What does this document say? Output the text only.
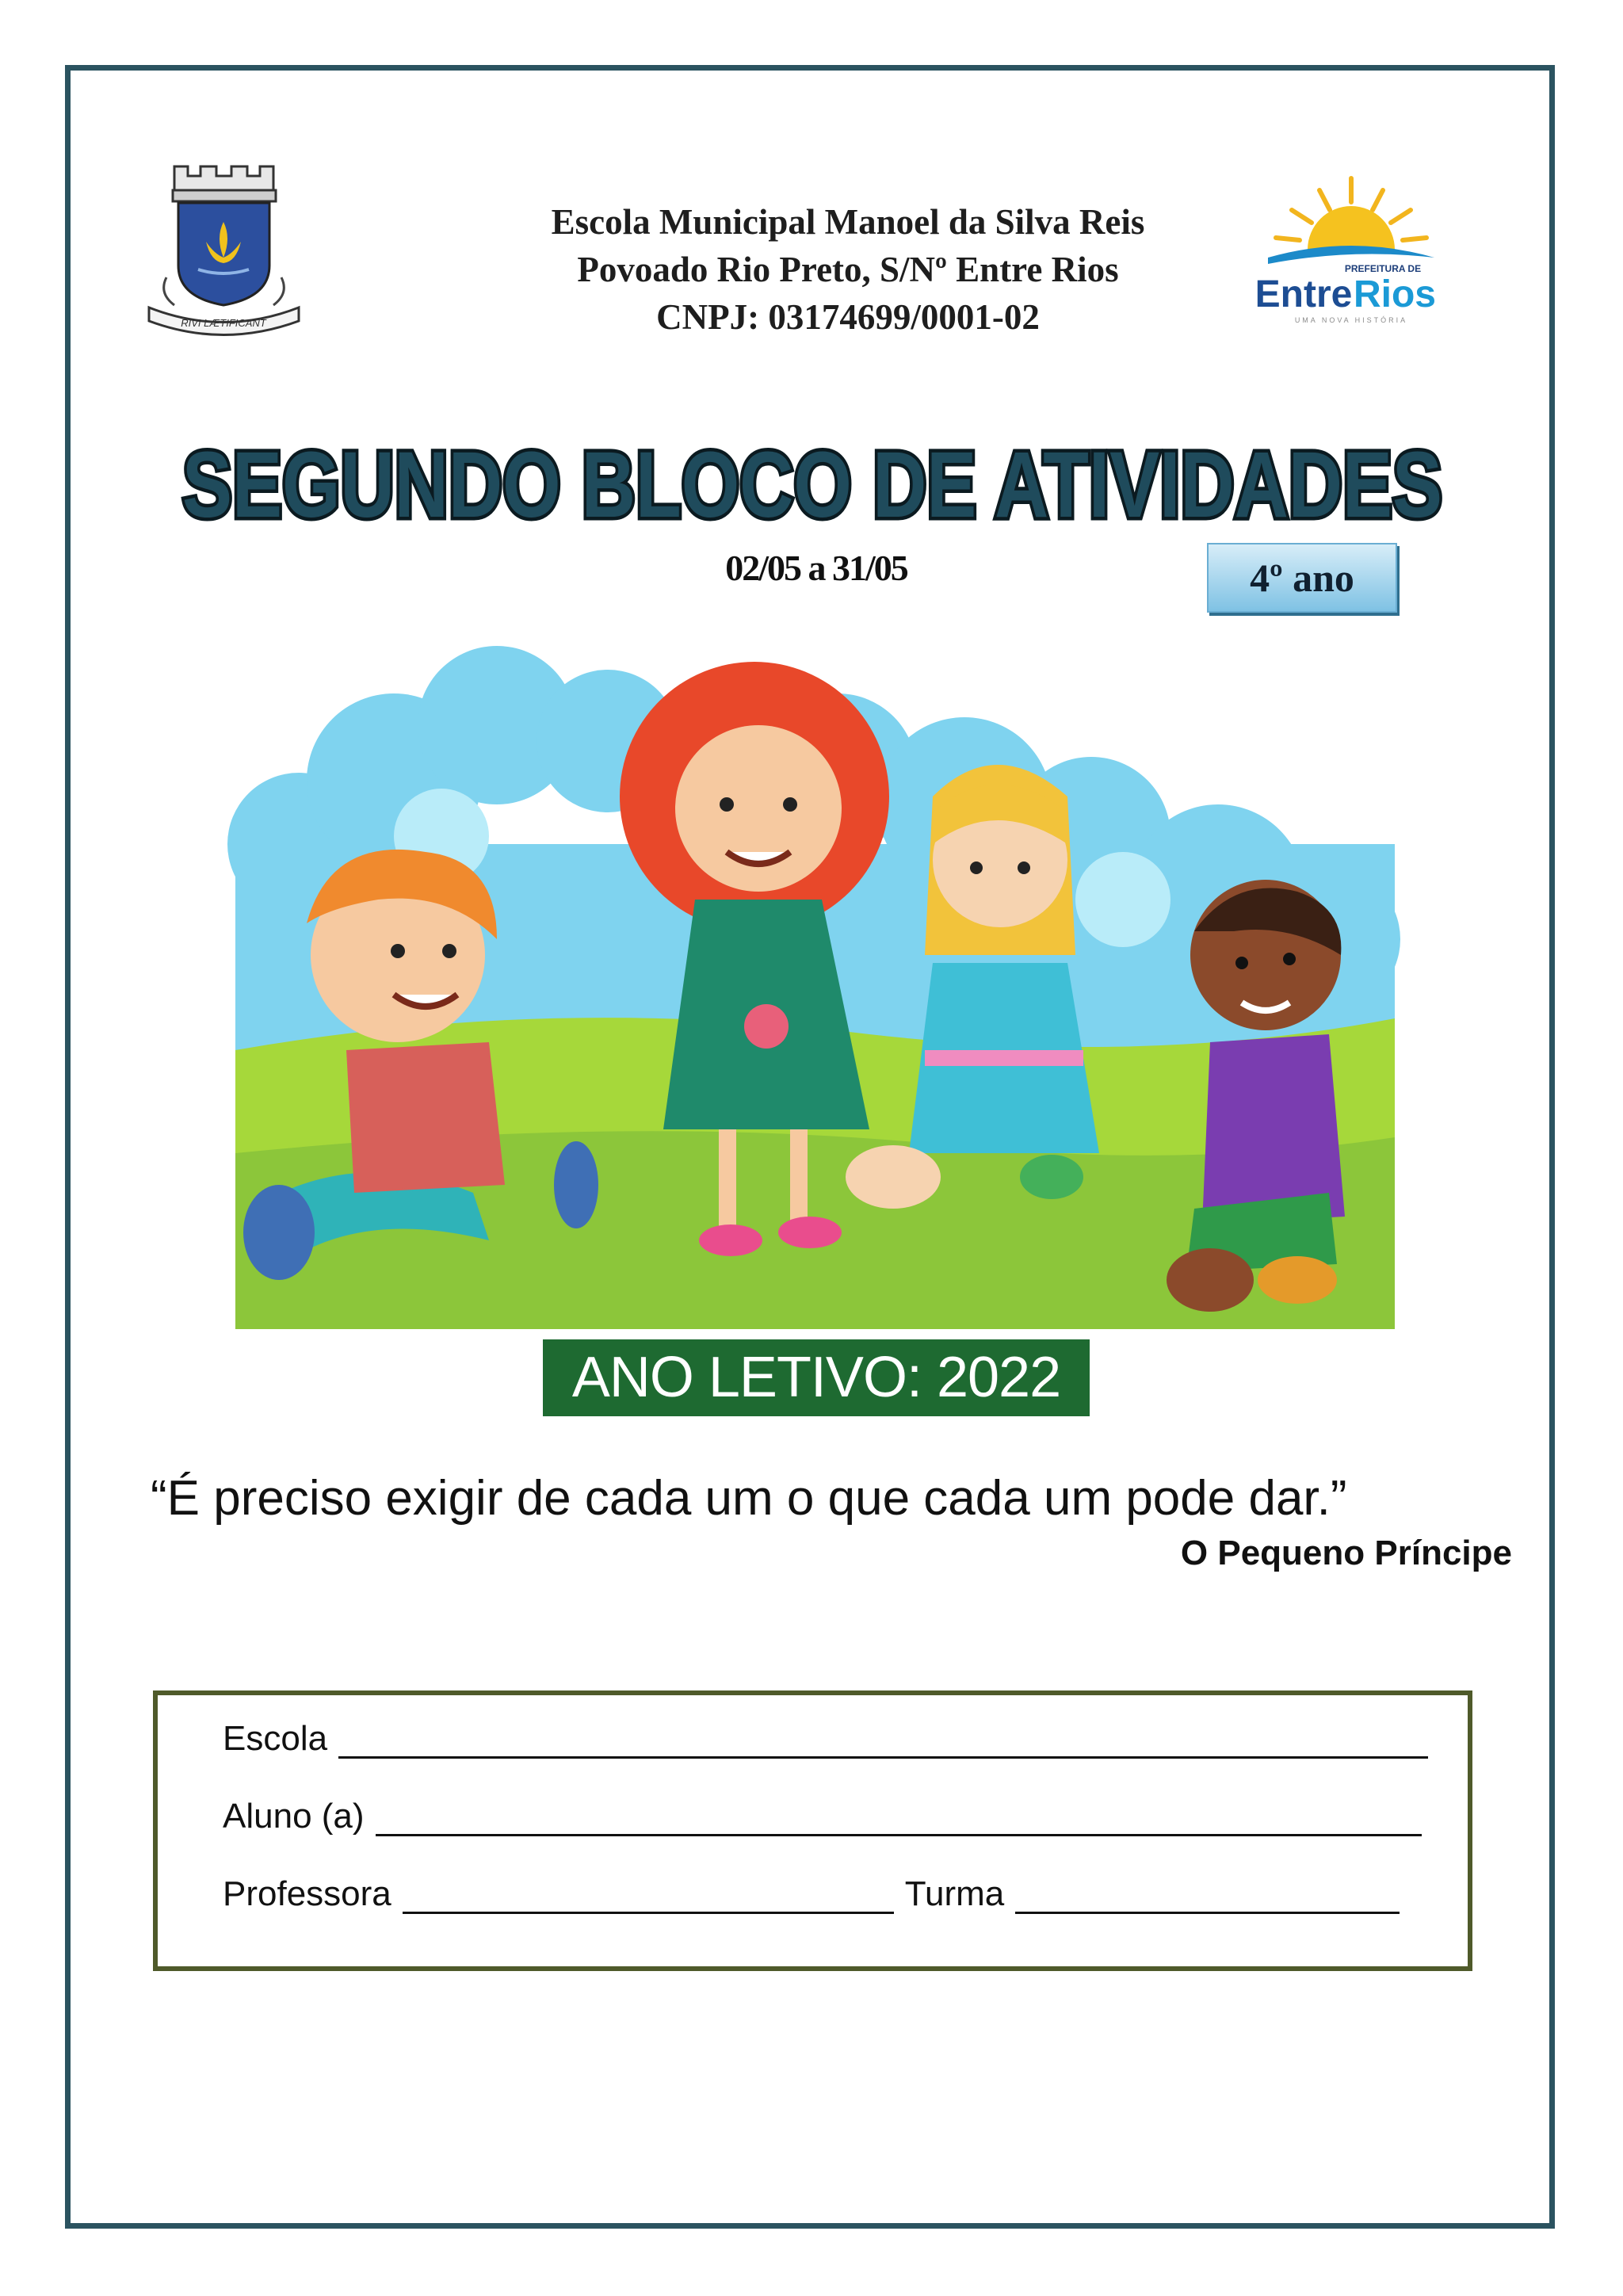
RIVI LÆTIFICANT
Escola Municipal Manoel da Silva Reis
Povoado Rio Preto, S/Nº Entre Rios
CNPJ: 03174699/0001-02
PREFEITURA DE
Entre Rios
UMA NOVA HISTÓRIA
SEGUNDO BLOCO DE ATIVIDADES
02/05 a 31/05	4º ano
ANO LETIVO: 2022
“É preciso exigir de cada um o que cada um pode dar.”
O Pequeno Príncipe
Escola
Aluno (a)
Professora	Turma
